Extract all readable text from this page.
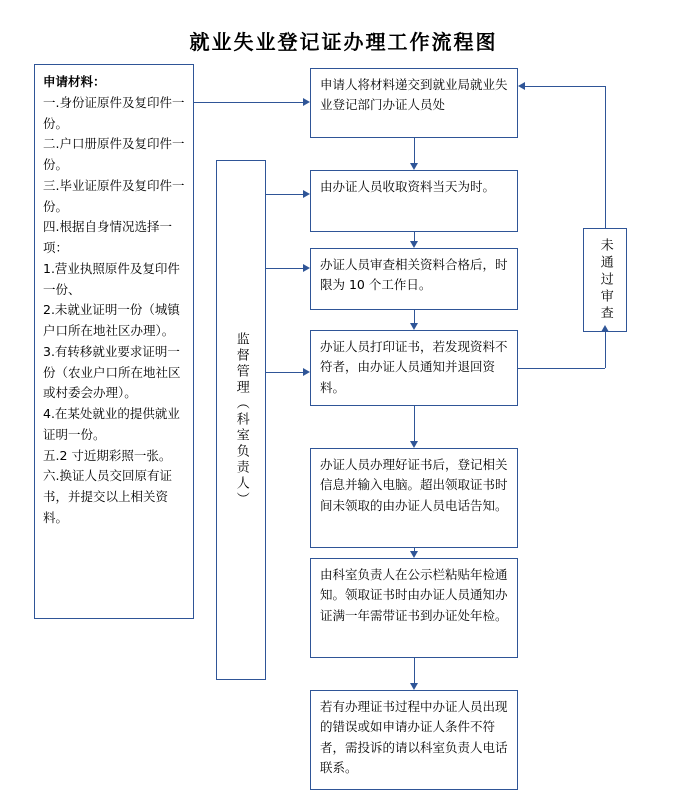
就业失业登记证办理工作流程图

申请材料：

一.身份证原件及复印件一份。

二.户口册原件及复印件一份。

三.毕业证原件及复印件一份。

四.根据自身情况选择一项：

1.营业执照原件及复印件一份、

2.未就业证明一份（城镇户口所在地社区办理）。

3.有转移就业要求证明一份（农业户口所在地社区或村委会办理）。

4.在某处就业的提供就业证明一份。

五.2 寸近期彩照一张。

六.换证人员交回原有证书，并提交以上相关资料。

监督管理（科室负责人）
未通过审查

申请人将材料递交到就业局就业失业登记部门办证人员处

由办证人员收取资料当天为时。

办证人员审查相关资料合格后，时限为 10 个工作日。

办证人员打印证书，若发现资料不符者，由办证人员通知并退回资料。

办证人员办理好证书后，登记相关信息并输入电脑。超出领取证书时间未领取的由办证人员电话告知。

由科室负责人在公示栏粘贴年检通知。领取证书时由办证人员通知办证满一年需带证书到办证处年检。

若有办理证书过程中办证人员出现的错误或如申请办证人条件不符者，需投诉的请以科室负责人电话联系。
